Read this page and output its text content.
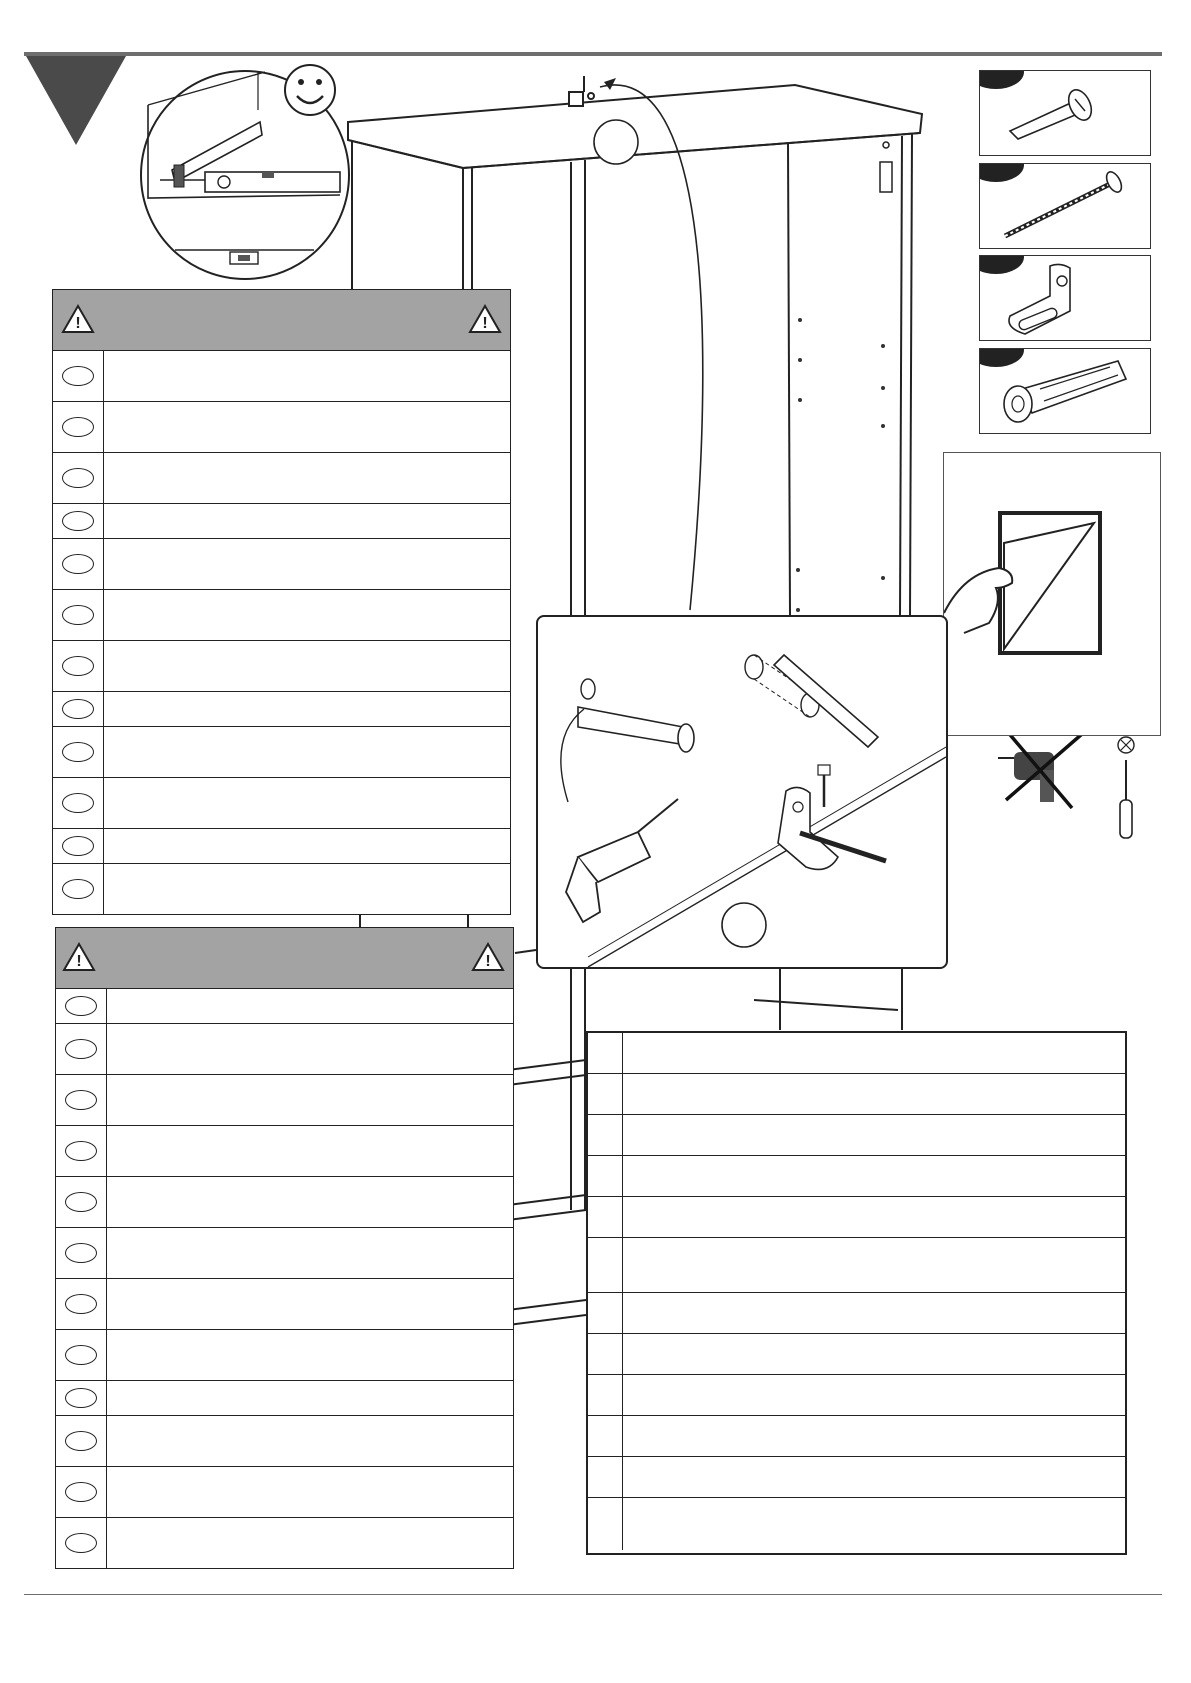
!	!
!	!
